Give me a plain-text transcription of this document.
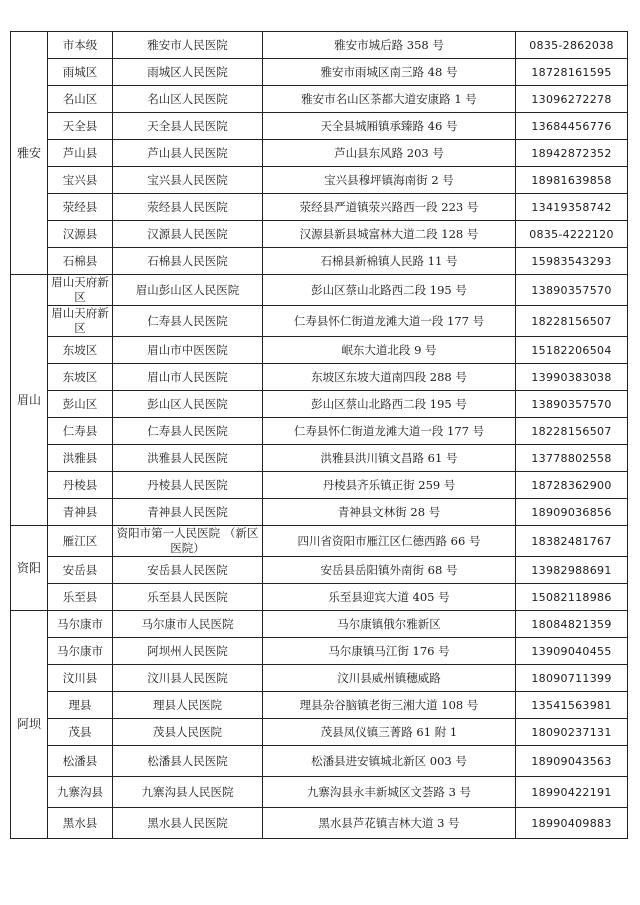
雅安	市本级	雅安市人民医院	雅安市城后路 358 号	0835-2862038
	雨城区	雨城区人民医院	雅安市雨城区南三路 48 号	18728161595
	名山区	名山区人民医院	雅安市名山区茶都大道安康路 1 号	13096272278
	天全县	天全县人民医院	天全县城厢镇承臻路 46 号	13684456776
	芦山县	芦山县人民医院	芦山县东风路 203 号	18942872352
	宝兴县	宝兴县人民医院	宝兴县穆坪镇海南街 2 号	18981639858
	荥经县	荥经县人民医院	荥经县严道镇荥兴路西一段 223 号	13419358742
	汉源县	汉源县人民医院	汉源县新县城富林大道二段 128 号	0835-4222120
	石棉县	石棉县人民医院	石棉县新棉镇人民路 11 号	15983543293
眉山	眉山天府新区	眉山彭山区人民医院	彭山区蔡山北路西二段 195 号	13890357570
	眉山天府新区	仁寿县人民医院	仁寿县怀仁街道龙滩大道一段 177 号	18228156507
	东坡区	眉山市中医医院	岷东大道北段 9 号	15182206504
	东坡区	眉山市人民医院	东坡区东坡大道南四段 288 号	13990383038
	彭山区	彭山区人民医院	彭山区蔡山北路西二段 195 号	13890357570
	仁寿县	仁寿县人民医院	仁寿县怀仁街道龙滩大道一段 177 号	18228156507
	洪雅县	洪雅县人民医院	洪雅县洪川镇文昌路 61 号	13778802558
	丹棱县	丹棱县人民医院	丹棱县齐乐镇正街 259 号	18728362900
	青神县	青神县人民医院	青神县文林街 28 号	18909036856
资阳	雁江区	资阳市第一人民医院 （新区医院）	四川省资阳市雁江区仁德西路 66 号	18382481767
	安岳县	安岳县人民医院	安岳县岳阳镇外南街 68 号	13982988691
	乐至县	乐至县人民医院	乐至县迎宾大道 405 号	15082118986
阿坝	马尔康市	马尔康市人民医院	马尔康镇俄尔雅新区	18084821359
	马尔康市	阿坝州人民医院	马尔康镇马江街 176 号	13909040455
	汶川县	汶川县人民医院	汶川县威州镇穗威路	18090711399
	理县	理县人民医院	理县杂谷脑镇老街三湘大道 108 号	13541563981
	茂县	茂县人民医院	茂县凤仪镇三菁路 61 附 1	18090237131
	松潘县	松潘县人民医院	松潘县进安镇城北新区 003 号	18909043563
	九寨沟县	九寨沟县人民医院	九寨沟县永丰新城区文荟路 3 号	18990422191
	黑水县	黑水县人民医院	黑水县芦花镇吉林大道 3 号	18990409883
